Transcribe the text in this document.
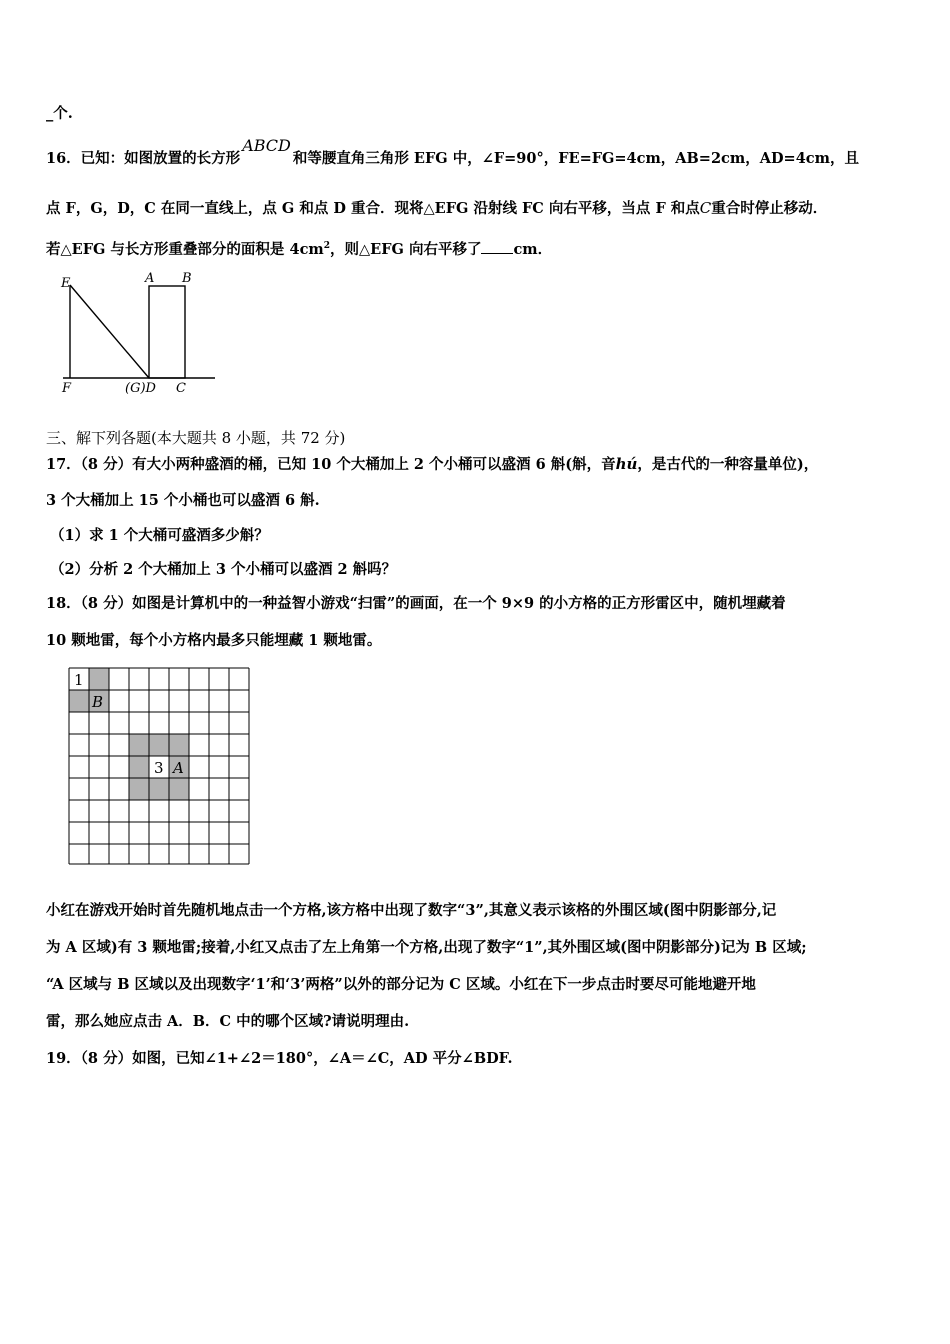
_个.
16．已知：如图放置的长方形ABCD和等腰直角三角形 EFG 中，∠F=90°，FE=FG=4cm，AB=2cm，AD=4cm，且
点 F，G，D，C 在同一直线上，点 G 和点 D 重合．现将△EFG 沿射线 FC 向右平移，当点 F 和点C重合时停止移动．
若△EFG 与长方形重叠部分的面积是 $4cm^2$，则△EFG 向右平移了 cm．
E	A B
F	(G)D C
三、解下列各题(本大题共 8 小题，共 72 分)
17．（8 分）有大小两种盛酒的桶，已知 10 个大桶加上 2 个小桶可以盛酒 6 斛(斛，音hú，是古代的一种容量单位)，
3 个大桶加上 15 个小桶也可以盛酒 6 斛.
（1）求 1 个大桶可盛酒多少斛？
（2）分析 2 个大桶加上 3 个小桶可以盛酒 2 斛吗？
18．（8 分）如图是计算机中的一种益智小游戏“扫雷”的画面，在一个 9×9 的小方格的正方形雷区中，随机埋藏着
10 颗地雷，每个小方格内最多只能埋藏 1 颗地雷。
1
B
3 A
小红在游戏开始时首先随机地点击一个方格,该方格中出现了数字“3”,其意义表示该格的外围区域(图中阴影部分,记
为 A 区域)有 3 颗地雷;接着,小红又点击了左上角第一个方格,出现了数字“1”,其外围区域(图中阴影部分)记为 B 区域;
“A 区域与 B 区域以及出现数字‘1’和‘3’两格”以外的部分记为 C 区域。小红在下一步点击时要尽可能地避开地
雷，那么她应点击 A．B．C 中的哪个区域?请说明理由.
19．（8 分）如图，已知∠1+∠2＝180°，∠A＝∠C，AD 平分∠BDF.
